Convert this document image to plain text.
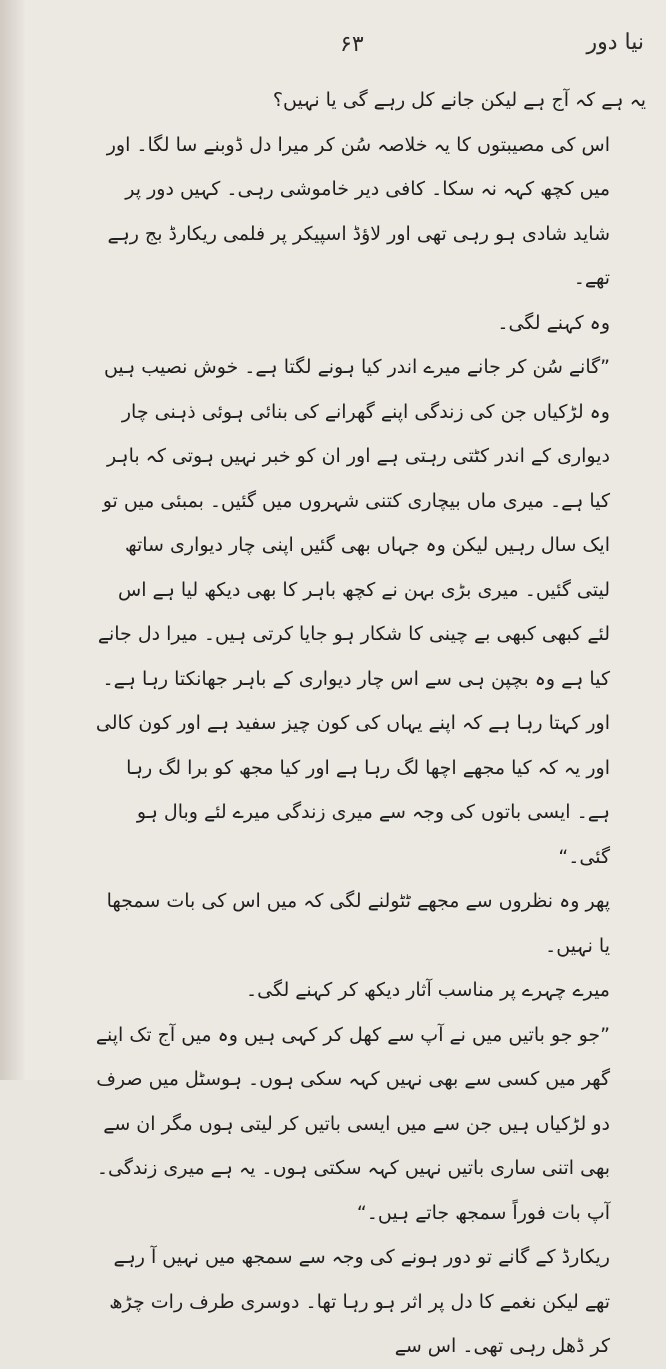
۶۳	نیا دور

یہ ہے کہ آج ہے لیکن جانے کل رہے گی یا نہیں؟

اس کی مصیبتوں کا یہ خلاصہ سُن کر میرا دل ڈوبنے سا لگا۔ اور میں کچھ کہہ نہ سکا۔ کافی دیر خاموشی رہی۔ کہیں دور پر شاید شادی ہو رہی تھی اور لاؤڈ اسپیکر پر فلمی ریکارڈ بج رہے تھے۔

وہ کہنے لگی۔

”گانے سُن کر جانے میرے اندر کیا ہونے لگتا ہے۔ خوش نصیب ہیں وہ لڑکیاں جن کی زندگی اپنے گھرانے کی بنائی ہوئی ذہنی چار دیواری کے اندر کٹتی رہتی ہے اور ان کو خبر نہیں ہوتی کہ باہر کیا ہے۔ میری ماں بیچاری کتنی شہروں میں گئیں۔ بمبئی میں تو ایک سال رہیں لیکن وہ جہاں بھی گئیں اپنی چار دیواری ساتھ لیتی گئیں۔ میری بڑی بہن نے کچھ باہر کا بھی دیکھ لیا ہے اس لئے کبھی کبھی بے چینی کا شکار ہو جایا کرتی ہیں۔ میرا دل جانے کیا ہے وہ بچپن ہی سے اس چار دیواری کے باہر جھانکتا رہا ہے۔ اور کہتا رہا ہے کہ اپنے یہاں کی کون چیز سفید ہے اور کون کالی اور یہ کہ کیا مجھے اچھا لگ رہا ہے اور کیا مجھ کو برا لگ رہا ہے۔ ایسی باتوں کی وجہ سے میری زندگی میرے لئے وبال ہو گئی۔“

پھر وہ نظروں سے مجھے ٹٹولنے لگی کہ میں اس کی بات سمجھا یا نہیں۔

میرے چہرے پر مناسب آثار دیکھ کر کہنے لگی۔

”جو جو باتیں میں نے آپ سے کھل کر کہی ہیں وہ میں آج تک اپنے گھر میں کسی سے بھی نہیں کہہ سکی ہوں۔ ہوسٹل میں صرف دو لڑکیاں ہیں جن سے میں ایسی باتیں کر لیتی ہوں مگر ان سے بھی اتنی ساری باتیں نہیں کہہ سکتی ہوں۔ یہ ہے میری زندگی۔ آپ بات فوراً سمجھ جاتے ہیں۔“

ریکارڈ کے گانے تو دور ہونے کی وجہ سے سمجھ میں نہیں آ رہے تھے لیکن نغمے کا دل پر اثر ہو رہا تھا۔ دوسری طرف رات چڑھ کر ڈھل رہی تھی۔ اس سے
